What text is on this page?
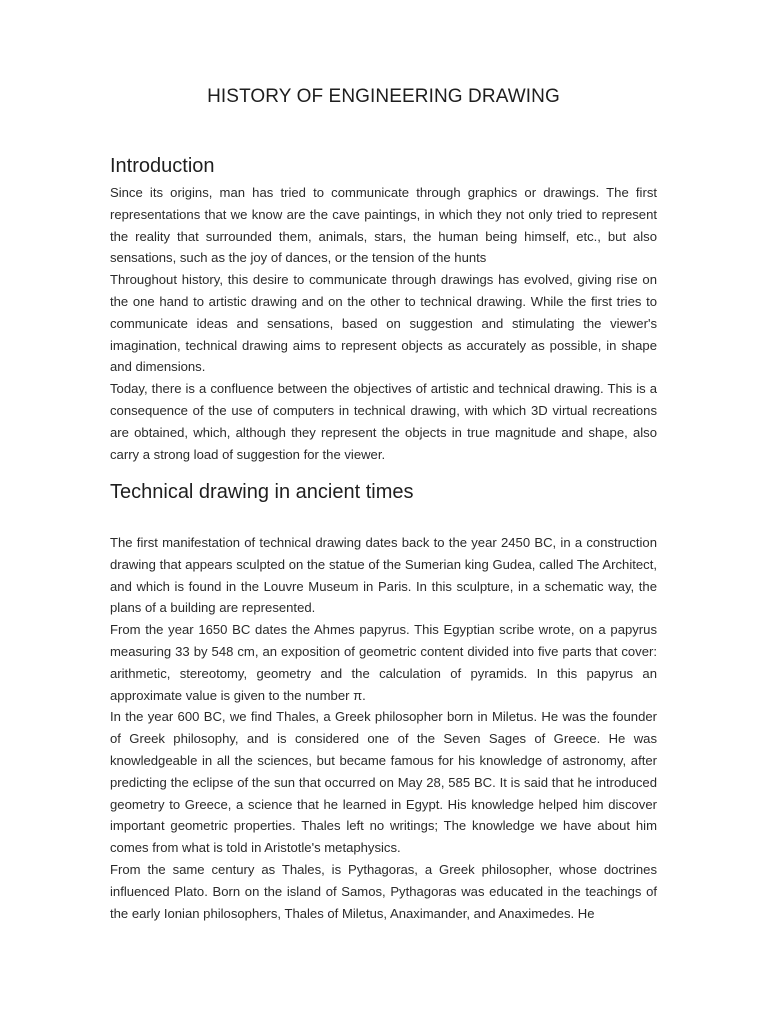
HISTORY OF ENGINEERING DRAWING
Introduction

Since its origins, man has tried to communicate through graphics or drawings. The first representations that we know are the cave paintings, in which they not only tried to represent the reality that surrounded them, animals, stars, the human being himself, etc., but also sensations, such as the joy of dances, or the tension of the hunts

Throughout history, this desire to communicate through drawings has evolved, giving rise on the one hand to artistic drawing and on the other to technical drawing. While the first tries to communicate ideas and sensations, based on suggestion and stimulating the viewer's imagination, technical drawing aims to represent objects as accurately as possible, in shape and dimensions.

Today, there is a confluence between the objectives of artistic and technical drawing. This is a consequence of the use of computers in technical drawing, with which 3D virtual recreations are obtained, which, although they represent the objects in true magnitude and shape, also carry a strong load of suggestion for the viewer.

Technical drawing in ancient times

The first manifestation of technical drawing dates back to the year 2450 BC, in a construction drawing that appears sculpted on the statue of the Sumerian king Gudea, called The Architect, and which is found in the Louvre Museum in Paris. In this sculpture, in a schematic way, the plans of a building are represented.

From the year 1650 BC dates the Ahmes papyrus. This Egyptian scribe wrote, on a papyrus measuring 33 by 548 cm, an exposition of geometric content divided into five parts that cover: arithmetic, stereotomy, geometry and the calculation of pyramids. In this papyrus an approximate value is given to the number π.

In the year 600 BC, we find Thales, a Greek philosopher born in Miletus. He was the founder of Greek philosophy, and is considered one of the Seven Sages of Greece. He was knowledgeable in all the sciences, but became famous for his knowledge of astronomy, after predicting the eclipse of the sun that occurred on May 28, 585 BC. It is said that he introduced geometry to Greece, a science that he learned in Egypt. His knowledge helped him discover important geometric properties. Thales left no writings; The knowledge we have about him comes from what is told in Aristotle's metaphysics.

From the same century as Thales, is Pythagoras, a Greek philosopher, whose doctrines influenced Plato. Born on the island of Samos, Pythagoras was educated in the teachings of the early Ionian philosophers, Thales of Miletus, Anaximander, and Anaximedes. He
